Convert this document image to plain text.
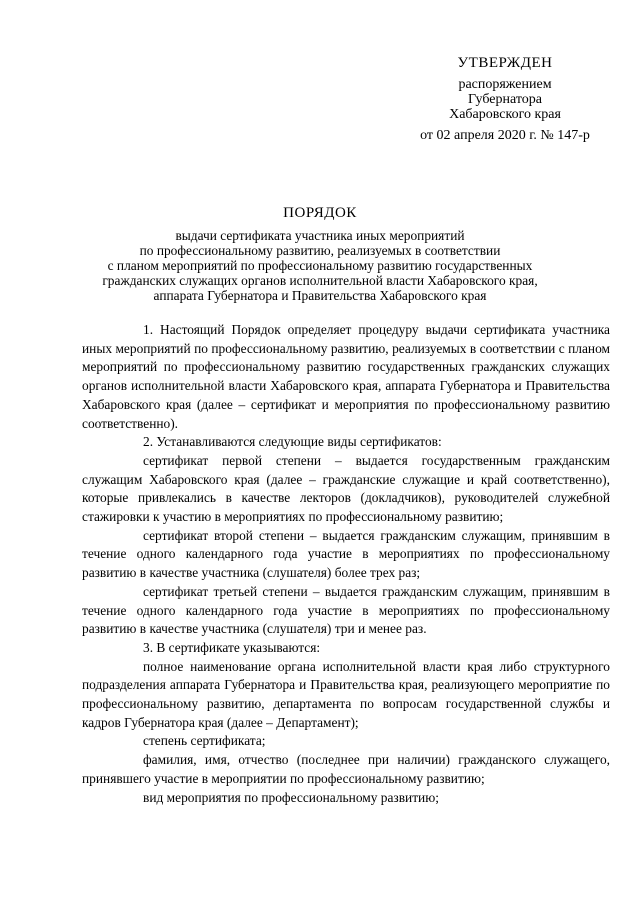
УТВЕРЖДЕН
распоряжением
Губернатора
Хабаровского края
от 02 апреля 2020 г. № 147-р
ПОРЯДОК
выдачи сертификата участника иных мероприятий
по профессиональному развитию, реализуемых в соответствии
с планом мероприятий по профессиональному развитию государственных
гражданских служащих органов исполнительной власти Хабаровского края,
аппарата Губернатора и Правительства Хабаровского края

1. Настоящий Порядок определяет процедуру выдачи сертификата участника иных мероприятий по профессиональному развитию, реализуемых в соответствии с планом мероприятий по профессиональному развитию государственных гражданских служащих органов исполнительной власти Хабаровского края, аппарата Губернатора и Правительства Хабаровского края (далее – сертификат и мероприятия по профессиональному развитию соответственно).

2. Устанавливаются следующие виды сертификатов:

сертификат первой степени – выдается государственным гражданским служащим Хабаровского края (далее – гражданские служащие и край соответственно), которые привлекались в качестве лекторов (докладчиков), руководителей служебной стажировки к участию в мероприятиях по профессиональному развитию;

сертификат второй степени – выдается гражданским служащим, принявшим в течение одного календарного года участие в мероприятиях по профессиональному развитию в качестве участника (слушателя) более трех раз;

сертификат третьей степени – выдается гражданским служащим, принявшим в течение одного календарного года участие в мероприятиях по профессиональному развитию в качестве участника (слушателя) три и менее раз.

3. В сертификате указываются:

полное наименование органа исполнительной власти края либо структурного подразделения аппарата Губернатора и Правительства края, реализующего мероприятие по профессиональному развитию, департамента по вопросам государственной службы и кадров Губернатора края (далее – Департамент);

степень сертификата;

фамилия, имя, отчество (последнее при наличии) гражданского служащего, принявшего участие в мероприятии по профессиональному развитию;

вид мероприятия по профессиональному развитию;
